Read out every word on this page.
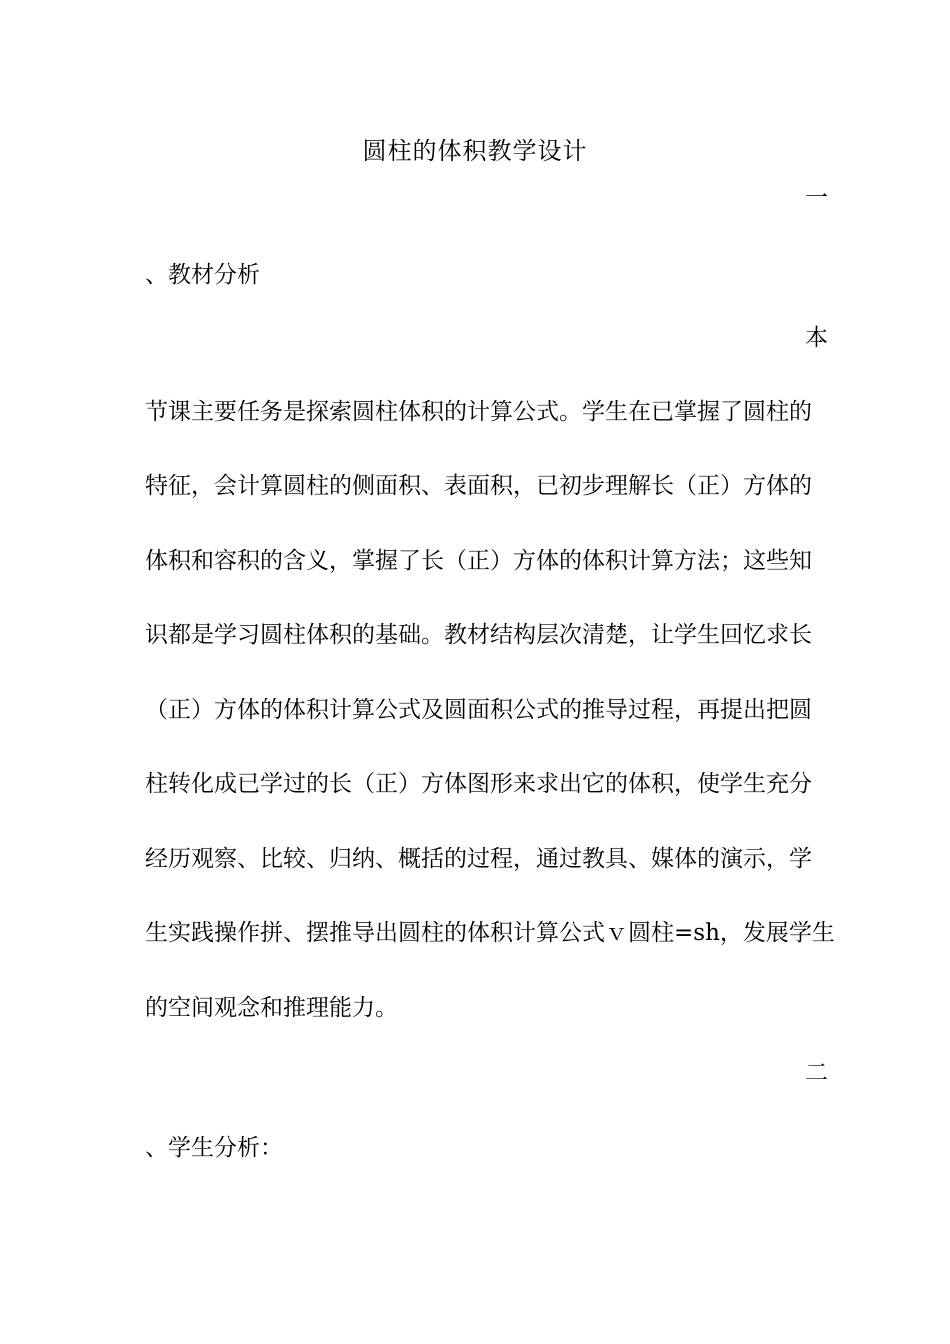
圆柱的体积教学设计
一
、教材分析
本
节课主要任务是探索圆柱体积的计算公式。学生在已掌握了圆柱的
特征，会计算圆柱的侧面积、表面积，已初步理解长（正）方体的
体积和容积的含义，掌握了长（正）方体的体积计算方法；这些知
识都是学习圆柱体积的基础。教材结构层次清楚，让学生回忆求长
（正）方体的体积计算公式及圆面积公式的推导过程，再提出把圆
柱转化成已学过的长（正）方体图形来求出它的体积，使学生充分
经历观察、比较、归纳、概括的过程，通过教具、媒体的演示，学
生实践操作拼、摆推导出圆柱的体积计算公式ｖ圆柱=sh，发展学生
的空间观念和推理能力。
二
、学生分析：
